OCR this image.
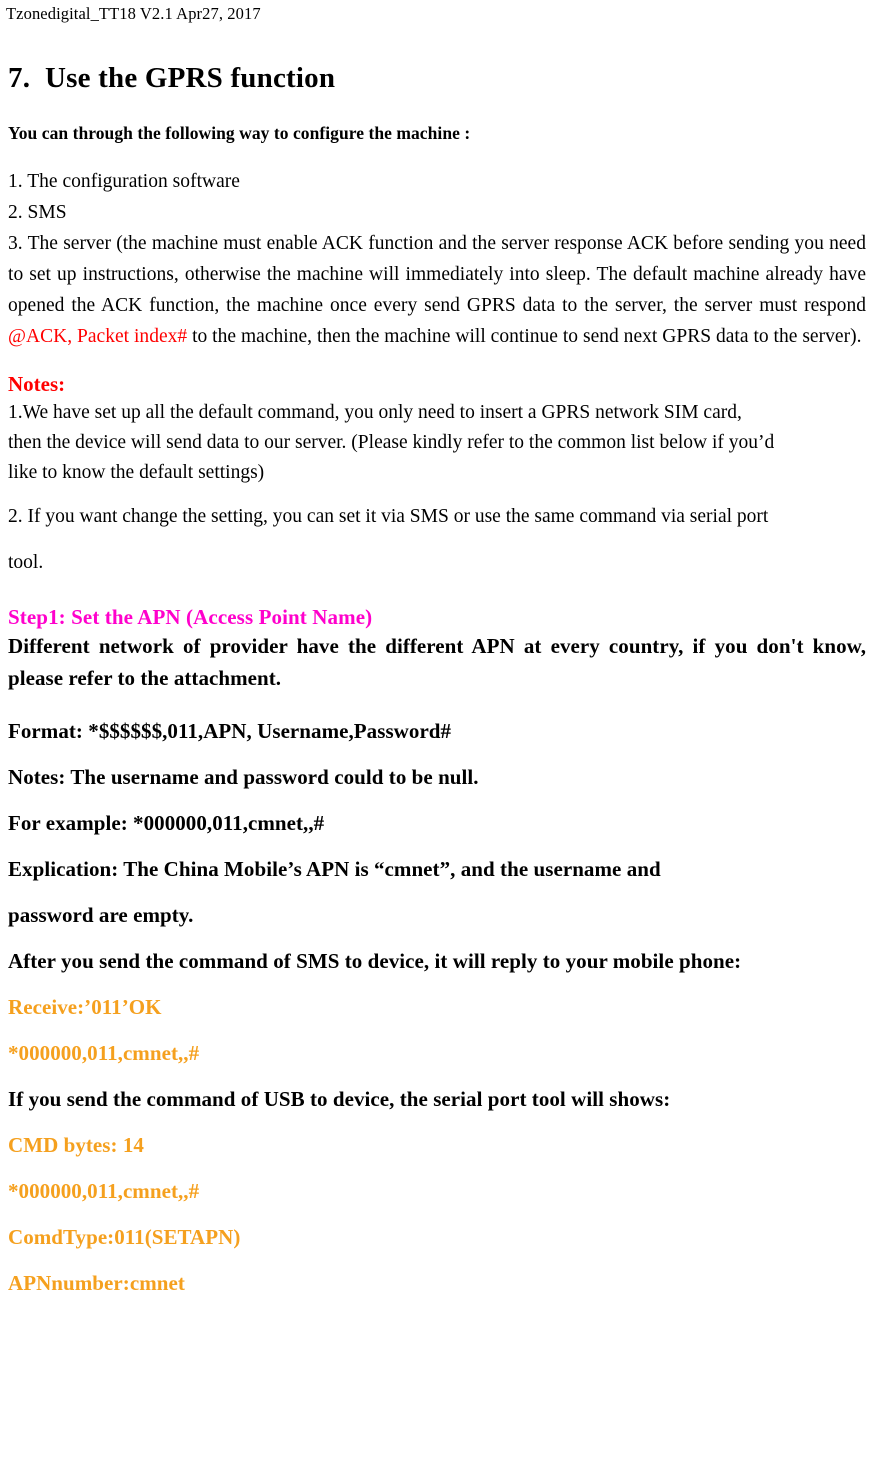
Tzonedigital_TT18 V2.1 Apr27, 2017
7. Use the GPRS function

You can through the following way to configure the machine :

1. The configuration software

2. SMS

3. The server (the machine must enable ACK function and the server response ACK before sending you need to set up instructions, otherwise the machine will immediately into sleep. The default machine already have opened the ACK function, the machine once every send GPRS data to the server, the server must respond @ACK, Packet index# to the machine, then the machine will continue to send next GPRS data to the server).

Notes:

1.We have set up all the default command, you only need to insert a GPRS network SIM card,

then the device will send data to our server. (Please kindly refer to the common list below if you’d

like to know the default settings)

2. If you want change the setting, you can set it via SMS or use the same command via serial port

tool.

Step1: Set the APN (Access Point Name)

Different network of provider have the different APN at every country, if you don't know, please refer to the attachment.

Format: *$$$$$$,011,APN, Username,Password#

Notes: The username and password could to be null.

For example: *000000,011,cmnet,,#

Explication: The China Mobile’s APN is “cmnet”, and the username and

password are empty.

After you send the command of SMS to device, it will reply to your mobile phone:

Receive:’011’OK

*000000,011,cmnet,,#

If you send the command of USB to device, the serial port tool will shows:

CMD bytes: 14

*000000,011,cmnet,,#

ComdType:011(SETAPN)

APNnumber:cmnet
